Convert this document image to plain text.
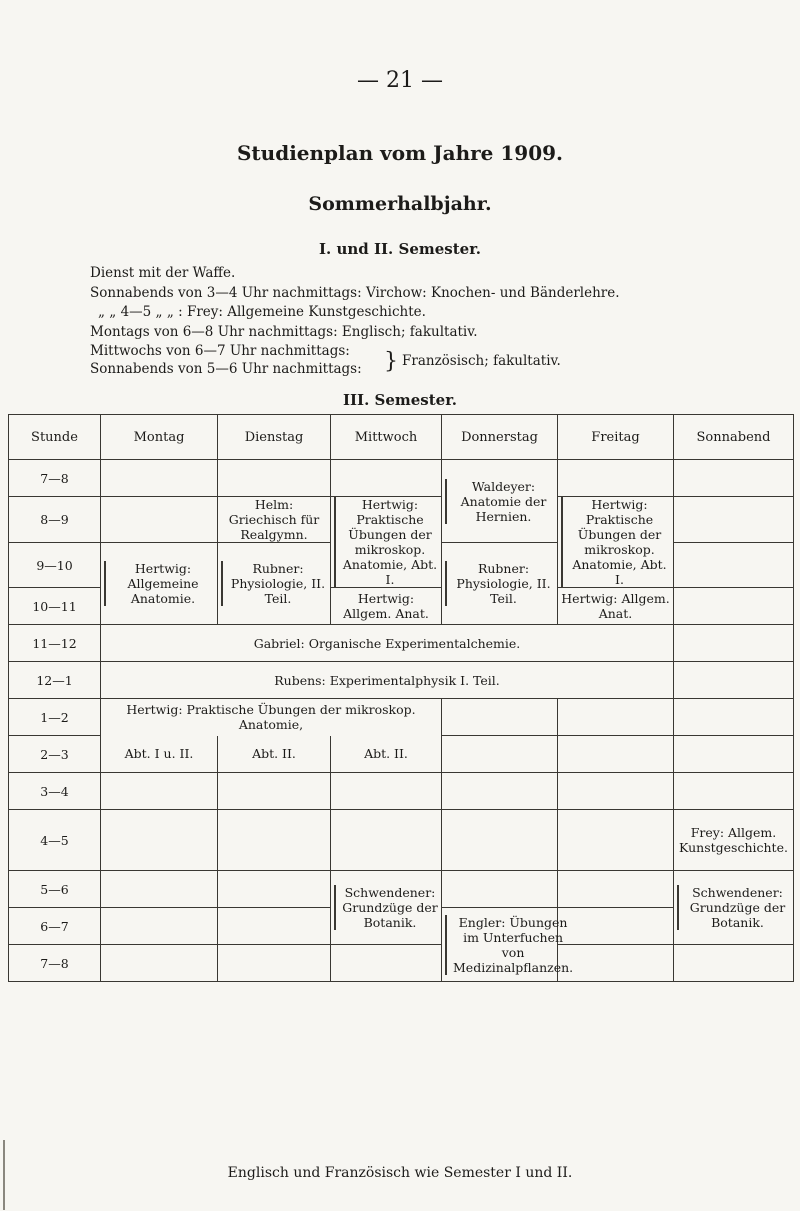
— 21 —
Studienplan vom Jahre 1909.
Sommerhalbjahr.
I. und II. Semester.
Dienst mit der Waffe.
Sonnabends von 3—4 Uhr nachmittags: Virchow: Knochen- und Bänderlehre.
„ „ 4—5 „ „ : Frey: Allgemeine Kunstgeschichte.
Montags von 6—8 Uhr nachmittags: Englisch; fakultativ.
Mittwochs von 6—7 Uhr nachmittags:
Sonnabends von 5—6 Uhr nachmittags: } Französisch; fakultativ.
III. Semester.
Stunde	Montag	Dienstag	Mittwoch	Donnerstag	Freitag	Sonnabend
7—8				Waldeyer: Anatomie der Hernien.		
8—9		Helm: Griechisch für Realgymn.	Hertwig: Praktische Übungen der mikroskop. Anatomie, Abt. I.		Hertwig: Praktische Übungen der mikroskop. Anatomie, Abt. I.	
9—10	Hertwig: Allgemeine Anatomie.	Rubner: Physiologie, II. Teil.		Rubner: Physiologie, II. Teil.		
10—11			Hertwig: Allgem. Anat.		Hertwig: Allgem. Anat.	
11—12	Gabriel: Organische Experimentalchemie.					
12—1	Rubens: Experimentalphysik I. Teil.					
1—2	Hertwig: Praktische Übungen der mikroskop. Anatomie,					
2—3	Abt. I u. II.	Abt. II.	Abt. II.			
3—4						
4—5						Frey: Allgem. Kunstgeschichte.
5—6			Schwendener: Grundzüge der Botanik.			Schwendener: Grundzüge der Botanik.
6—7				Engler: Übungen im Unterfuchen von Medizinalpflanzen.		
7—8						
Englisch und Französisch wie Semester I und II.
